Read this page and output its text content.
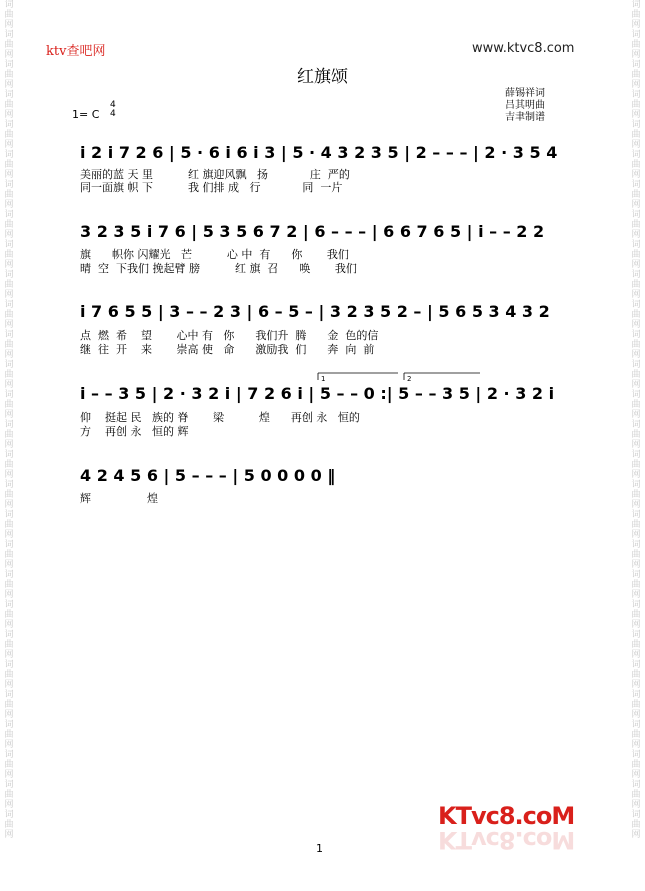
词曲网词曲网词曲网词曲网词曲网词曲网词曲网词曲网词曲网词曲网词曲网词曲网词曲网词曲网词曲网词曲网词曲网词曲网词曲网词曲网词曲网词曲网词曲网词曲网词曲网词曲网词曲网词曲网
词曲网词曲网词曲网词曲网词曲网词曲网词曲网词曲网词曲网词曲网词曲网词曲网词曲网词曲网词曲网词曲网词曲网词曲网词曲网词曲网词曲网词曲网词曲网词曲网词曲网词曲网词曲网词曲网
ktv查吧网	www.ktvc8.com
红旗颂
薛锡祥词
吕其明曲
吉聿制谱
1= C
4
4
i 2 i 7 2 6 | 5 · 6 i 6 i 3 | 5 · 4 3 2 3 5 | 2 – – – | 2 · 3 5 4
美丽的蓝 天 里          红 旗迎风飘   扬            庄  严的
同一面旗 帜 下          我 们排 成   行            同  一片
3 2 3 5 i 7 6 | 5 3 5 6 7 2 | 6 – – – | 6 6 7 6 5 | i – – 2 2
旗      帜你 闪耀光   芒          心 中  有      你       我们
晴  空  下我们 挽起臂 膀          红 旗  召      唤       我们
i 7 6 5 5 | 3 – – 2 3 | 6 – 5 – | 3 2 3 5 2 – | 5 6 5 3 4 3 2
点  燃  希    望       心中 有   你      我们升  腾      金  色的信
继  往  开    来       崇高 使   命      激励我  们      奔  向  前
1	2
i – – 3 5 | 2 · 3 2 i | 7 2 6 i | 5 – – 0 :| 5 – – 3 5 | 2 · 3 2 i
仰    挺起 民   族的 脊       梁          煌      再创 永   恒的
方    再创 永   恒的 辉
4 2 4 5 6 | 5 – – – | 5 0 0 0 0 ‖
辉                煌
KTvc8.coM
KTvc8.coM
1
